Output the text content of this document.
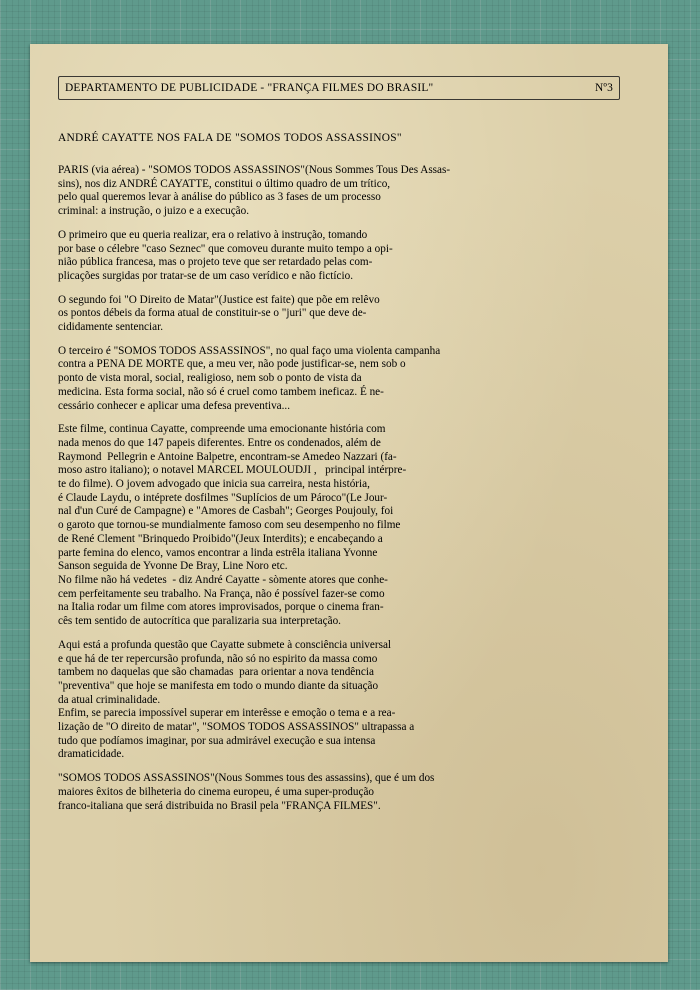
DEPARTAMENTO DE PUBLICIDADE - "FRANÇA FILMES DO BRASIL"	Nº3
ANDRÉ CAYATTE NOS FALA DE "SOMOS TODOS ASSASSINOS"

PARIS (via aérea) - "SOMOS TODOS ASSASSINOS"(Nous Sommes Tous Des Assas-
sins), nos diz ANDRÉ CAYATTE, constitui o último quadro de um trítico,
pelo qual queremos levar à análise do público as 3 fases de um processo
criminal: a instrução, o juizo e a execução.

O primeiro que eu queria realizar, era o relativo à instrução, tomando
por base o célebre "caso Seznec" que comoveu durante muito tempo a opi-
nião pública francesa, mas o projeto teve que ser retardado pelas com-
plicações surgidas por tratar-se de um caso verídico e não fictício.

O segundo foi "O Direito de Matar"(Justice est faite) que põe em relêvo
os pontos débeis da forma atual de constituir-se o "juri" que deve de-
cididamente sentenciar.

O terceiro é "SOMOS TODOS ASSASSINOS", no qual faço uma violenta campanha
contra a PENA DE MORTE que, a meu ver, não pode justificar-se, nem sob o
ponto de vista moral, social, realigioso, nem sob o ponto de vista da
medicina. Esta forma social, não só é cruel como tambem ineficaz. É ne-
cessário conhecer e aplicar uma defesa preventiva...

Este filme, continua Cayatte, compreende uma emocionante história com
nada menos do que 147 papeis diferentes. Entre os condenados, além de
Raymond  Pellegrin e Antoine Balpetre, encontram-se Amedeo Nazzari (fa-
moso astro italiano); o notavel MARCEL MOULOUDJI ,   principal intérpre-
te do filme). O jovem advogado que inicia sua carreira, nesta história,
é Claude Laydu, o intéprete dosfilmes "Suplícios de um Pároco"(Le Jour-
nal d'un Curé de Campagne) e "Amores de Casbah"; Georges Poujouly, foi
o garoto que tornou-se mundialmente famoso com seu desempenho no filme
de René Clement "Brinquedo Proibido"(Jeux Interdits); e encabeçando a
parte femina do elenco, vamos encontrar a linda estrêla italiana Yvonne
Sanson seguida de Yvonne De Bray, Line Noro etc.
No filme não há vedetes  - diz André Cayatte - sòmente atores que conhe-
cem perfeitamente seu trabalho. Na França, não é possível fazer-se como
na Italia rodar um filme com atores improvisados, porque o cinema fran-
cês tem sentido de autocrítica que paralizaria sua interpretação.

Aqui está a profunda questão que Cayatte submete à consciência universal
e que há de ter repercursão profunda, não só no espirito da massa como
tambem no daquelas que são chamadas  para orientar a nova tendência
"preventiva" que hoje se manifesta em todo o mundo diante da situação
da atual criminalidade.
Enfim, se parecia impossível superar em interêsse e emoção o tema e a rea-
lização de "O direito de matar", "SOMOS TODOS ASSASSINOS" ultrapassa a
tudo que podíamos imaginar, por sua admirável execução e sua intensa
dramaticidade.

"SOMOS TODOS ASSASSINOS"(Nous Sommes tous des assassins), que é um dos
maiores êxitos de bilheteria do cinema europeu, é uma super-produção
franco-italiana que será distribuida no Brasil pela "FRANÇA FILMES".
